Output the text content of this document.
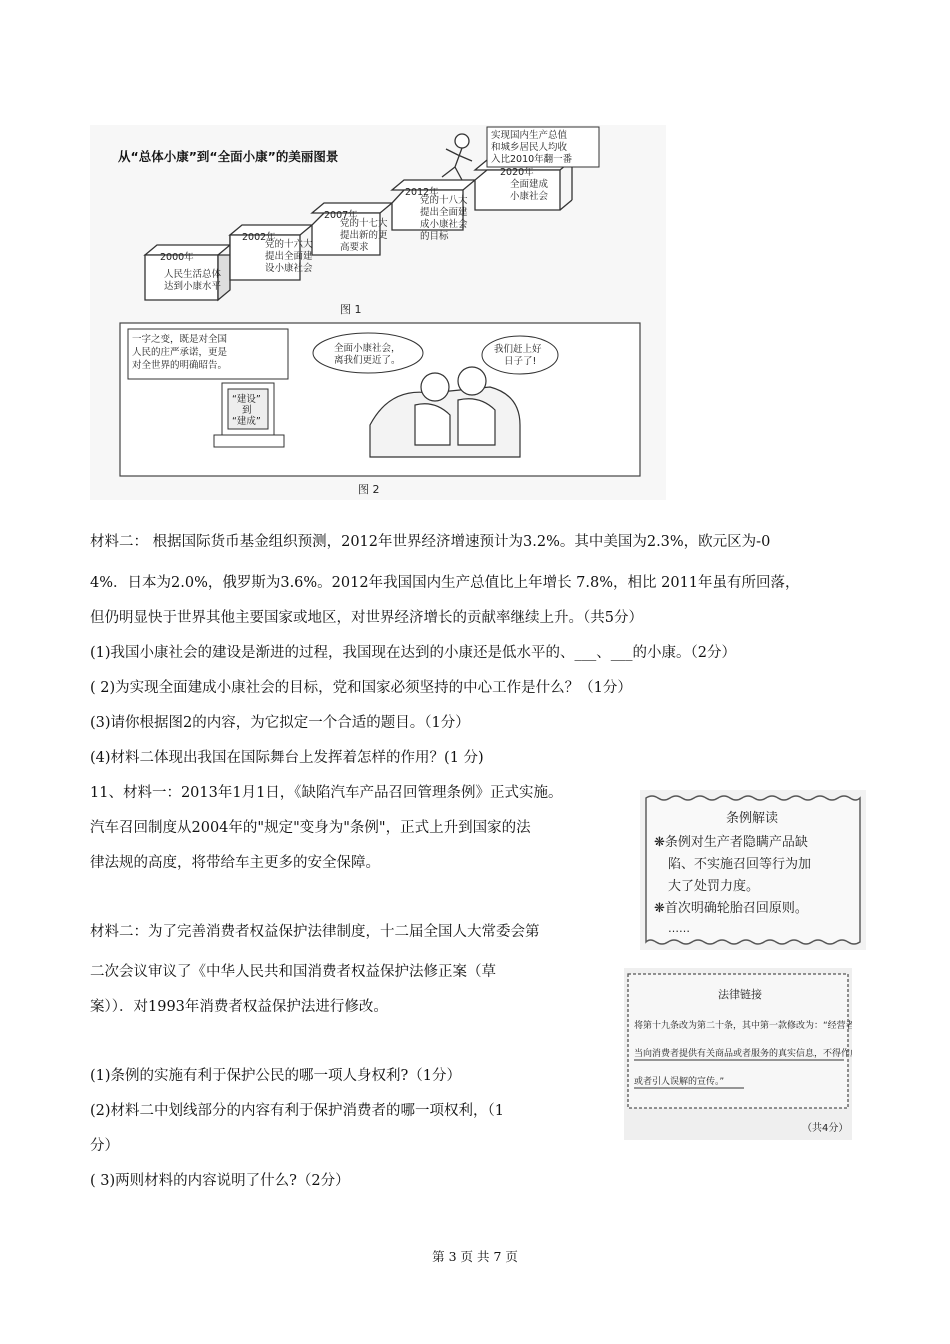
从“总体小康”到“全面小康”的美丽图景
2000年
2002年
2007年
2012年
2020年
人民生活总体
达到小康水平
党的十六大
提出全面建
设小康社会
党的十七大
提出新的更
高要求
党的十八大
提出全面建
成小康社会
的目标
全面建成
小康社会
实现国内生产总值
和城乡居民人均收
入比2010年翻一番
图 1
一字之变，既是对全国
人民的庄严承诺，更是
对全世界的明确昭告。
“建设”
到
“建成”
全面小康社会，
离我们更近了。
我们赶上好
日子了!
图 2
材料二： 根据国际货币基金组织预测，2012年世界经济增速预计为3.2%。其中美国为2.3%，欧元区为-0
4%．日本为2.0%，俄罗斯为3.6%。2012年我国国内生产总值比上年增长 7.8%，相比 2011年虽有所回落，
但仍明显快于世界其他主要国家或地区，对世界经济增长的贡献率继续上升。（共5分）
(1)我国小康社会的建设是渐进的过程，我国现在达到的小康还是低水平的、___、___的小康。（2分）
( 2)为实现全面建成小康社会的目标，党和国家必须坚持的中心工作是什么？（1分）
(3)请你根据图2的内容，为它拟定一个合适的题目。（1分）
(4)材料二体现出我国在国际舞台上发挥着怎样的作用？(1 分)
11、材料一：2013年1月1日，《缺陷汽车产品召回管理条例》正式实施。
汽车召回制度从2004年的"规定"变身为"条例"，正式上升到国家的法
律法规的高度，将带给车主更多的安全保障。
材料二：为了完善消费者权益保护法律制度，十二届全国人大常委会第
二次会议审议了《中华人民共和国消费者权益保护法修正案（草
案））．对1993年消费者权益保护法进行修改。
(1)条例的实施有利于保护公民的哪一项人身权利?（1分）
(2)材料二中划线部分的内容有利于保护消费者的哪一项权利，（1
分）
( 3)两则材料的内容说明了什么?（2分）
条例解读
❋条例对生产者隐瞒产品缺
陷、不实施召回等行为加
大了处罚力度。
❋首次明确轮胎召回原则。
……
法律链接
将第十九条改为第二十条，其中第一款修改为：“经营者应
当向消费者提供有关商品或者服务的真实信息，不得作虚假
或者引人误解的宣传。”
（共4分）
第 3 页 共 7 页
